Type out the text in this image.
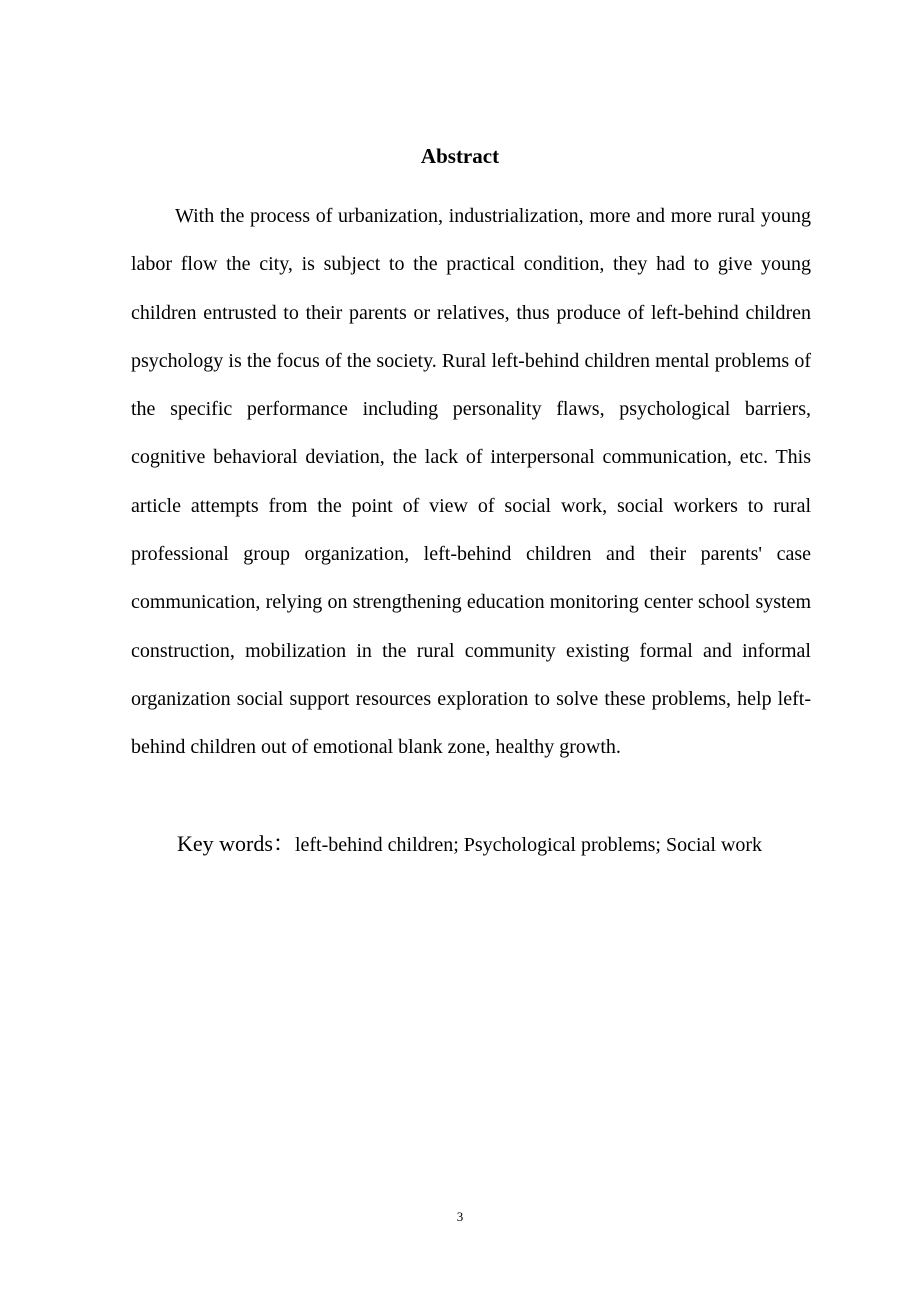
Abstract

With the process of urbanization, industrialization, more and more rural young labor flow the city, is subject to the practical condition, they had to give young children entrusted to their parents or relatives, thus produce of left-behind children psychology is the focus of the society. Rural left-behind children mental problems of the specific performance including personality flaws, psychological barriers, cognitive behavioral deviation, the lack of interpersonal communication, etc. This article attempts from the point of view of social work, social workers to rural professional group organization, left-behind children and their parents' case communication, relying on strengthening education monitoring center school system construction, mobilization in the rural community existing formal and informal organization social support resources exploration to solve these problems, help left-behind children out of emotional blank zone, healthy growth.

Key words：left-behind children; Psychological problems; Social work

3
